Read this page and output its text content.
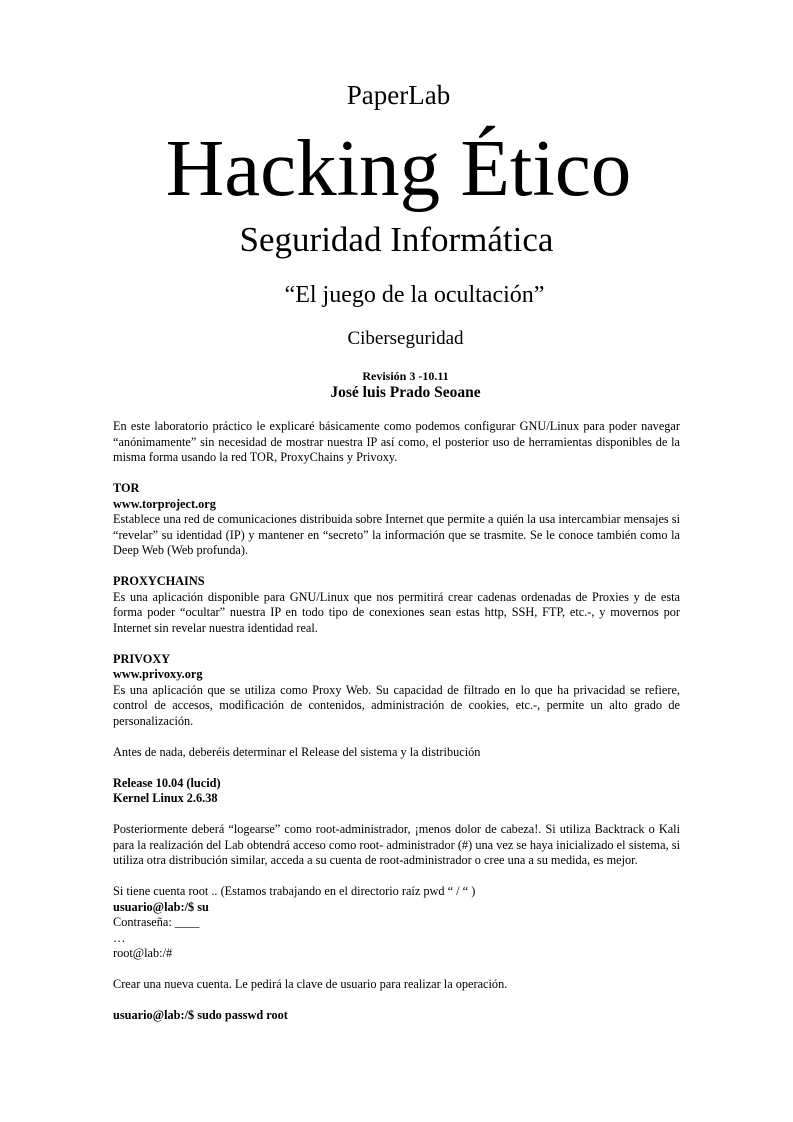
PaperLab
Hacking Ético
Seguridad Informática
“El juego de la ocultación”
Ciberseguridad
Revisión 3 -10.11
José luis Prado Seoane

En este laboratorio práctico le explicaré básicamente como podemos configurar GNU/Linux para poder navegar “anónimamente” sin necesidad de mostrar nuestra IP así como, el posterior uso de herramientas disponibles de la misma forma usando la red TOR, ProxyChains y Privoxy.

TOR

www.torproject.org

Establece una red de comunicaciones distribuida sobre Internet que permite a quién la usa intercambiar mensajes si “revelar” su identidad (IP) y mantener en “secreto” la información que se trasmite. Se le conoce también como la Deep Web (Web profunda).

PROXYCHAINS

Es una aplicación disponible para GNU/Linux que nos permitirá crear cadenas ordenadas de Proxies y de esta forma poder “ocultar” nuestra IP en todo tipo de conexiones sean estas http, SSH, FTP, etc.-, y movernos por Internet sin revelar nuestra identidad real.

PRIVOXY

www.privoxy.org

Es una aplicación que se utiliza como Proxy Web. Su capacidad de filtrado en lo que ha privacidad se refiere, control de accesos, modificación de contenidos, administración de cookies, etc.-, permite un alto grado de personalización.

Antes de nada, deberéis determinar el Release del sistema y la distribución

Release 10.04 (lucid)

Kernel Linux 2.6.38

Posteriormente deberá “logearse” como root-administrador, ¡menos dolor de cabeza!. Si utiliza Backtrack o Kali para la realización del Lab obtendrá acceso como root- administrador (#) una vez se haya inicializado el sistema, si utiliza otra distribución similar, acceda a su cuenta de root-administrador o cree una a su medida, es mejor.

Si tiene cuenta root .. (Estamos trabajando en el directorio raíz pwd “ / “ )

usuario@lab:/$ su

Contraseña: ____

…

root@lab:/#

Crear una nueva cuenta. Le pedirá la clave de usuario para realizar la operación.

usuario@lab:/$ sudo passwd root
